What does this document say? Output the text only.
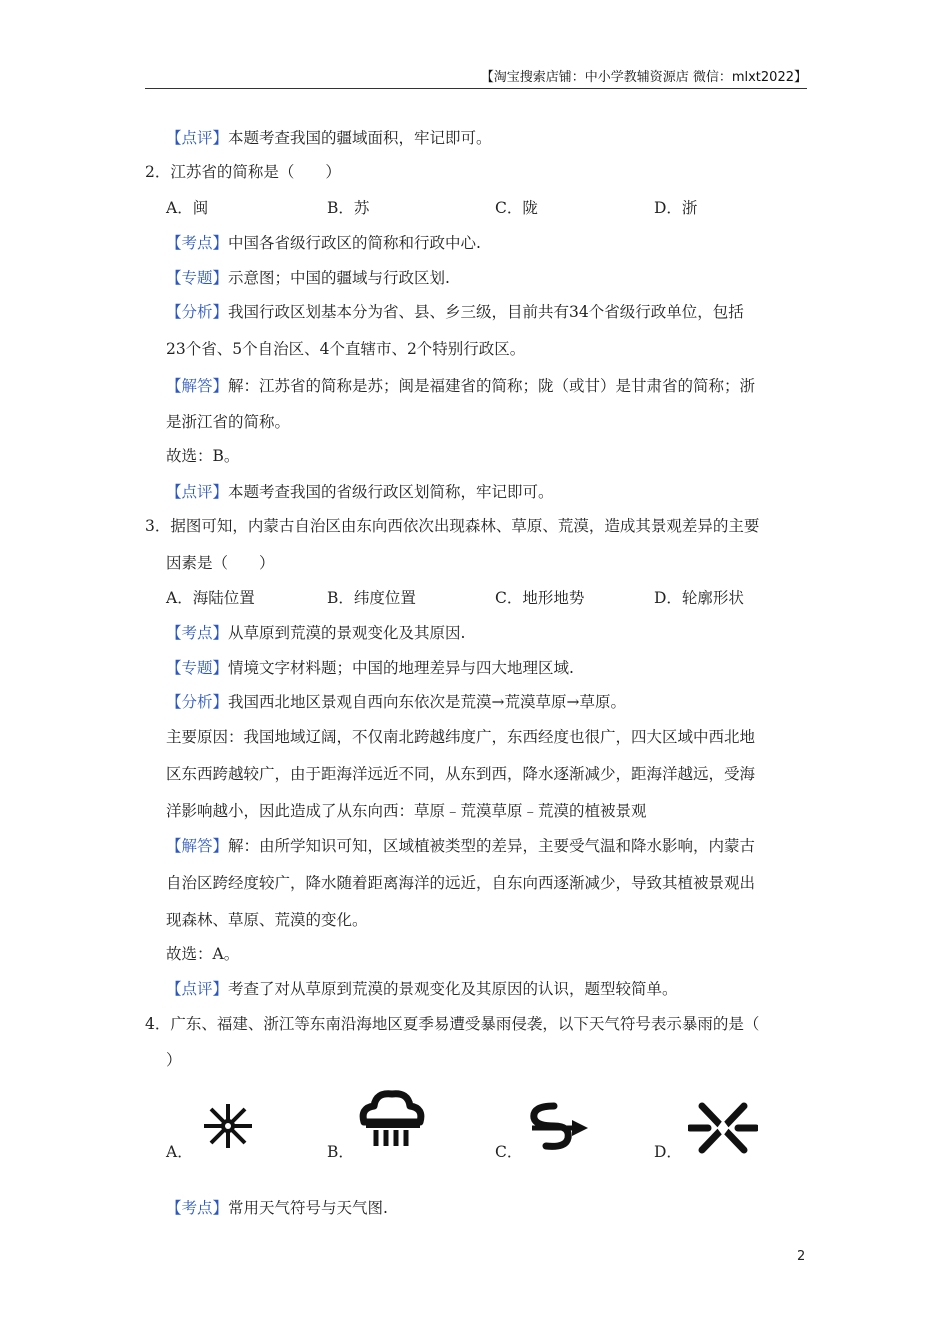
【淘宝搜索店铺：中小学教辅资源店 微信：mlxt2022】
【点评】本题考查我国的疆域面积，牢记即可。
2．江苏省的简称是（　　）
A．闽	B．苏	C．陇	D．浙
【考点】中国各省级行政区的简称和行政中心.
【专题】示意图；中国的疆域与行政区划.
【分析】我国行政区划基本分为省、县、乡三级，目前共有34个省级行政单位，包括
23个省、5个自治区、4个直辖市、2个特别行政区。
【解答】解：江苏省的简称是苏；闽是福建省的简称；陇（或甘）是甘肃省的简称；浙
是浙江省的简称。
故选：B。
【点评】本题考查我国的省级行政区划简称，牢记即可。
3．据图可知，内蒙古自治区由东向西依次出现森林、草原、荒漠，造成其景观差异的主要
因素是（　　）
A．海陆位置	B．纬度位置	C．地形地势	D．轮廓形状
【考点】从草原到荒漠的景观变化及其原因.
【专题】情境文字材料题；中国的地理差异与四大地理区域.
【分析】我国西北地区景观自西向东依次是荒漠→荒漠草原→草原。
主要原因：我国地域辽阔，不仅南北跨越纬度广，东西经度也很广，四大区域中西北地
区东西跨越较广，由于距海洋远近不同，从东到西，降水逐渐减少，距海洋越远，受海
洋影响越小，因此造成了从东向西：草原﹣荒漠草原﹣荒漠的植被景观
【解答】解：由所学知识可知，区域植被类型的差异，主要受气温和降水影响，内蒙古
自治区跨经度较广，降水随着距离海洋的远近，自东向西逐渐减少，导致其植被景观出
现森林、草原、荒漠的变化。
故选：A。
【点评】考查了对从草原到荒漠的景观变化及其原因的认识，题型较简单。
4．广东、福建、浙江等东南沿海地区夏季易遭受暴雨侵袭，以下天气符号表示暴雨的是（
）
A．	B．	C．	D．
【考点】常用天气符号与天气图.
2
